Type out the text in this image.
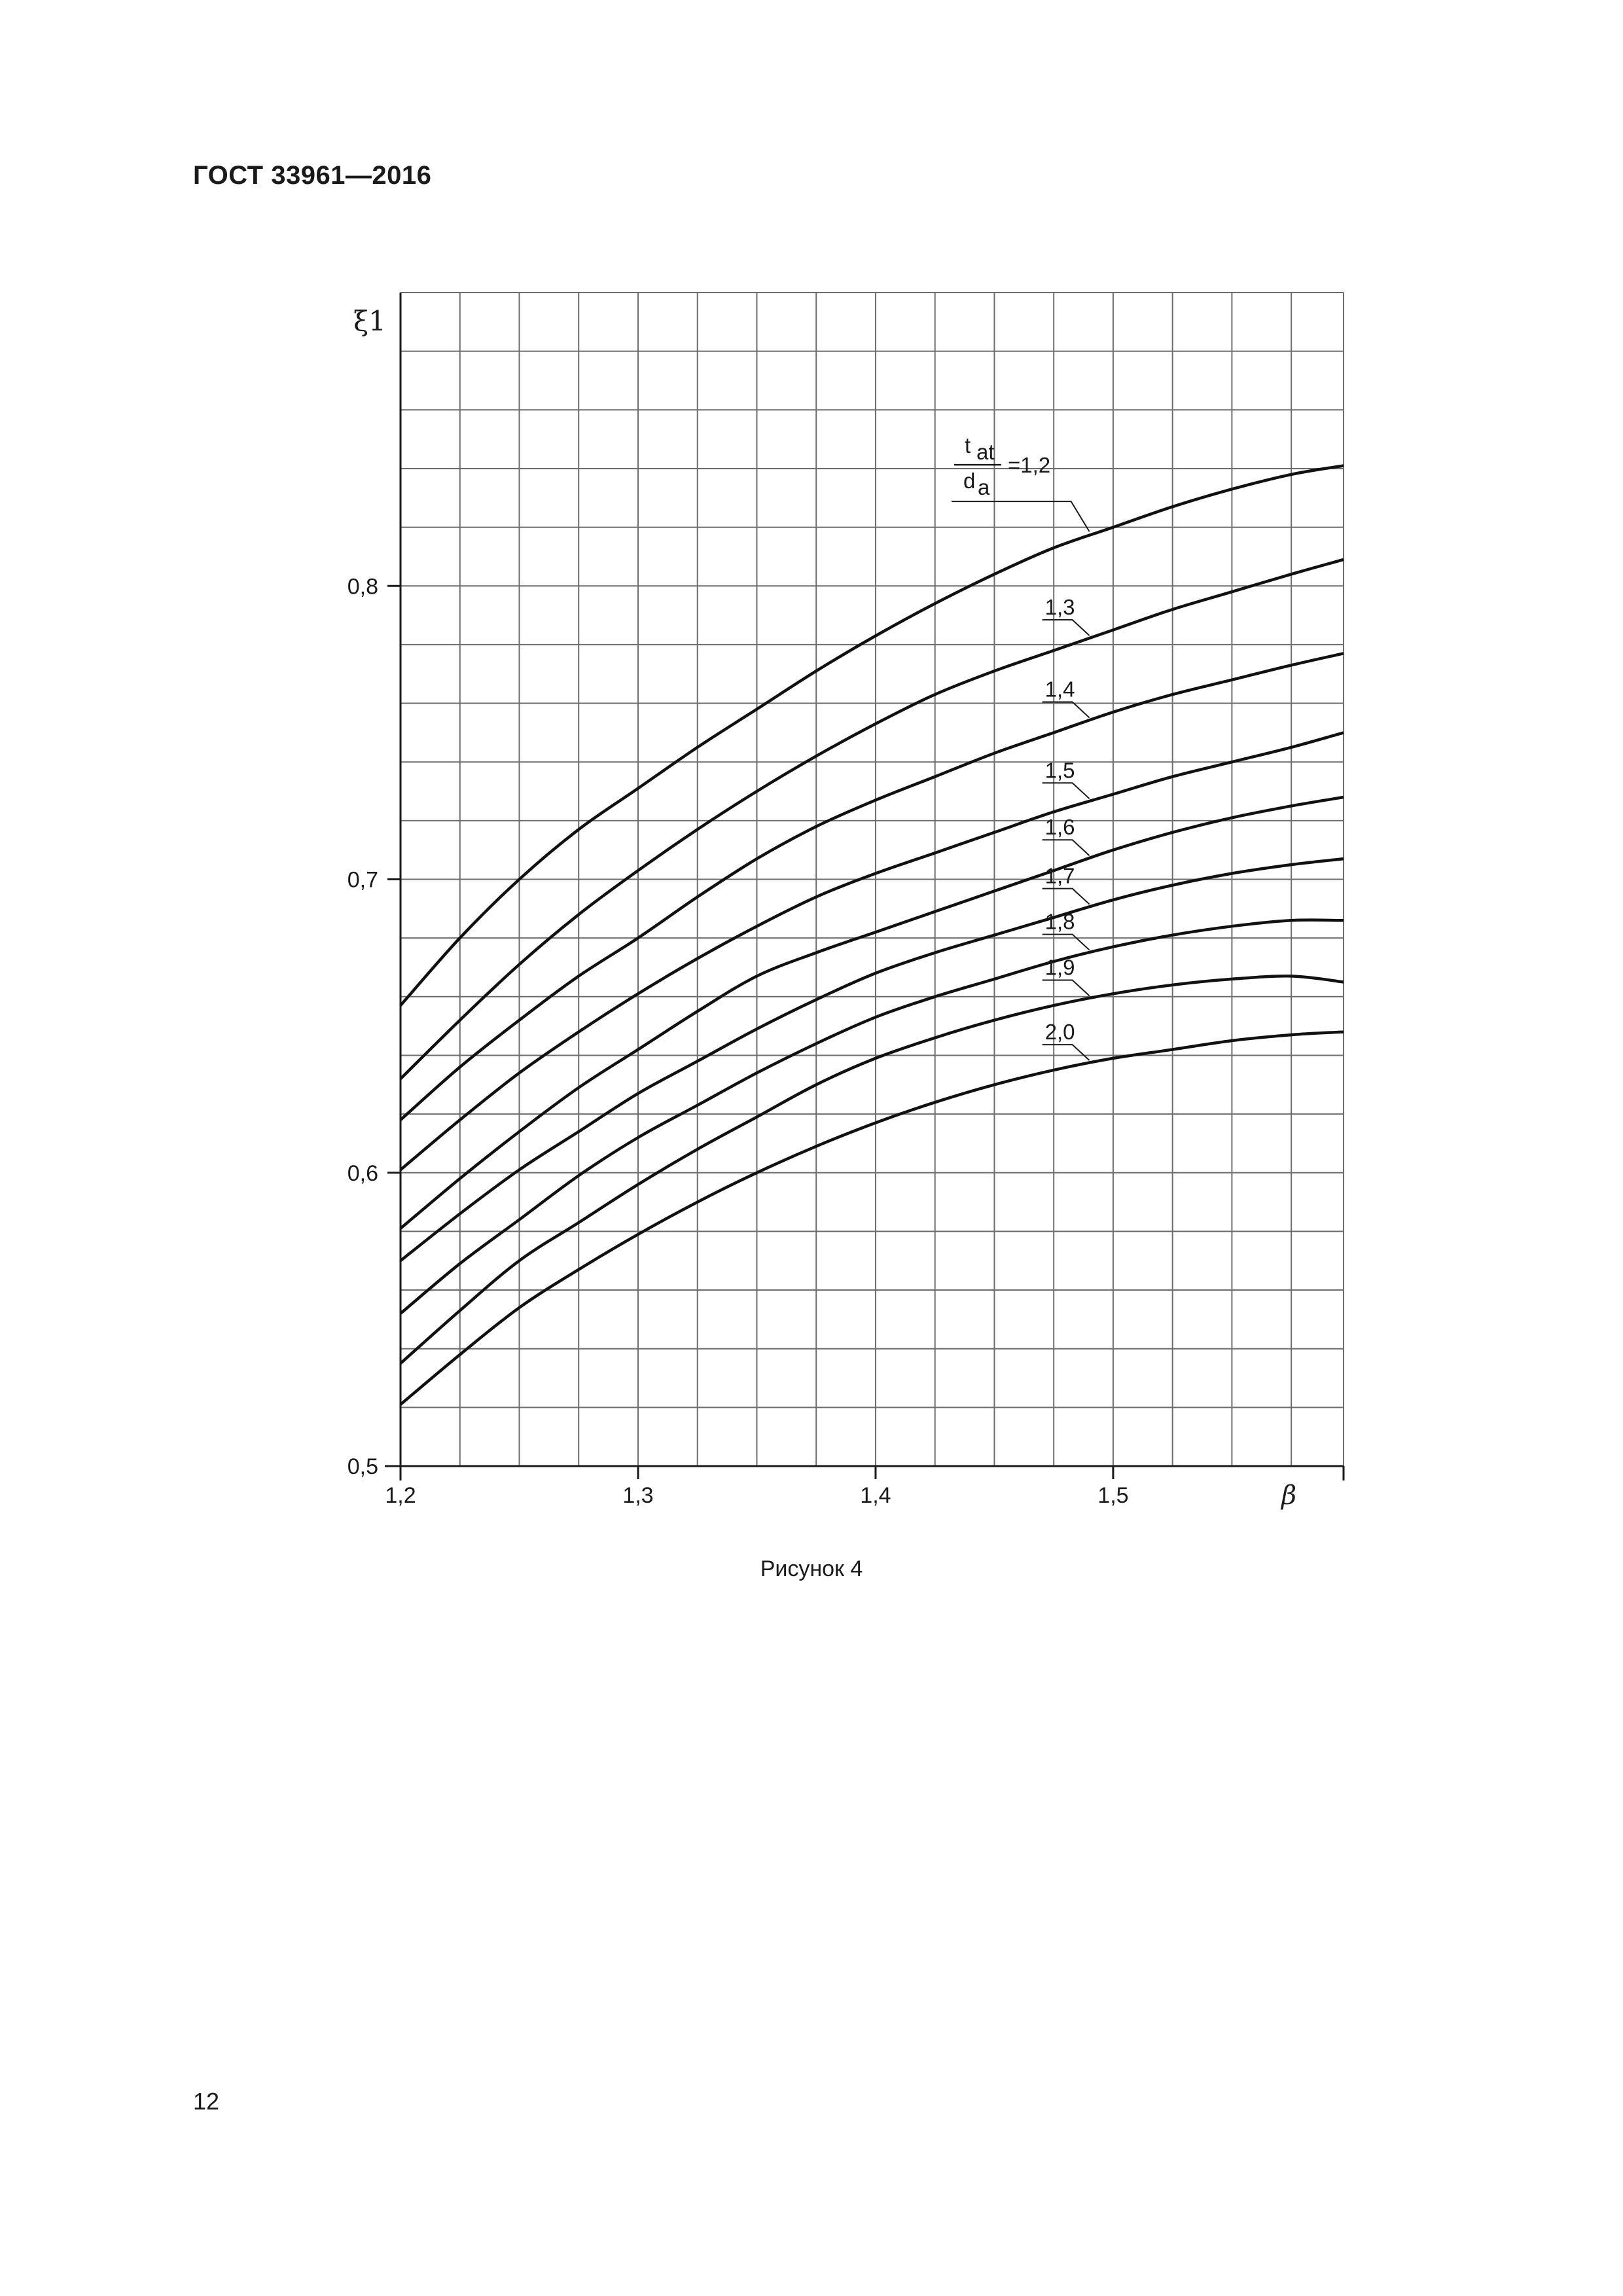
ГОСТ 33961—2016
0,5
0,6
0,7
0,8
1,2	1,3	1,4	1,5
ξ1
β
t at
d a
=1,2
1,3
1,4
1,5
1,6
1,7
1,8
1,9
2,0
Рисунок 4
12
